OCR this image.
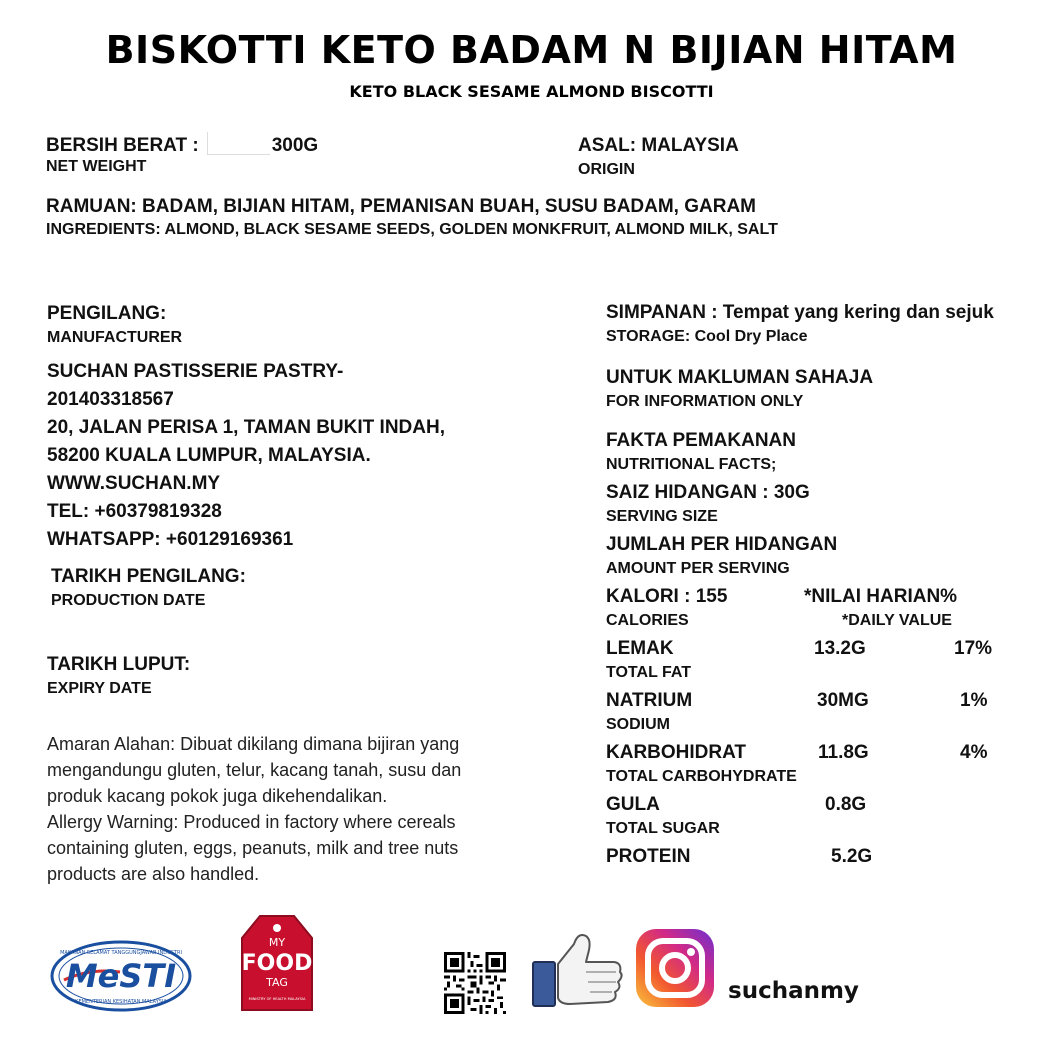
BISKOTTI KETO BADAM N BIJIAN HITAM
KETO BLACK SESAME ALMOND BISCOTTI
BERSIH BERAT :	300G
NET WEIGHT
ASAL: MALAYSIA
ORIGIN
RAMUAN: BADAM, BIJIAN HITAM, PEMANISAN BUAH, SUSU BADAM, GARAM
INGREDIENTS: ALMOND, BLACK SESAME SEEDS, GOLDEN MONKFRUIT, ALMOND MILK, SALT
PENGILANG:
MANUFACTURER
SUCHAN PASTISSERIE PASTRY-
201403318567
20, JALAN PERISA 1, TAMAN BUKIT INDAH,
58200 KUALA LUMPUR, MALAYSIA.
WWW.SUCHAN.MY
TEL: +60379819328
WHATSAPP: +60129169361
TARIKH PENGILANG:
PRODUCTION DATE
TARIKH LUPUT:
EXPIRY DATE
Amaran Alahan: Dibuat dikilang dimana bijiran yang
mengandungu gluten, telur, kacang tanah, susu dan
produk kacang pokok juga dikehendalikan.
Allergy Warning: Produced in factory where cereals
containing gluten, eggs, peanuts, milk and tree nuts
products are also handled.
SIMPANAN : Tempat yang kering dan sejuk
STORAGE: Cool Dry Place
UNTUK MAKLUMAN SAHAJA
FOR INFORMATION ONLY
FAKTA PEMAKANAN
NUTRITIONAL FACTS;
SAIZ HIDANGAN : 30G
SERVING SIZE
JUMLAH PER HIDANGAN
AMOUNT PER SERVING
KALORI : 155	*NILAI HARIAN%
CALORIES	*DAILY VALUE
LEMAK	13.2G	17%
TOTAL FAT
NATRIUM	30MG	1%
SODIUM
KARBOHIDRAT	11.8G	4%
TOTAL CARBOHYDRATE
GULA	0.8G
TOTAL SUGAR
PROTEIN	5.2G
MeSTI
MAKANAN SELAMAT TANGGUNGJAWAB INDUSTRI
KEMENTERIAN KESIHATAN MALAYSIA
MY
FOOD
TAG
MINISTRY OF HEALTH MALAYSIA	suchanmy
